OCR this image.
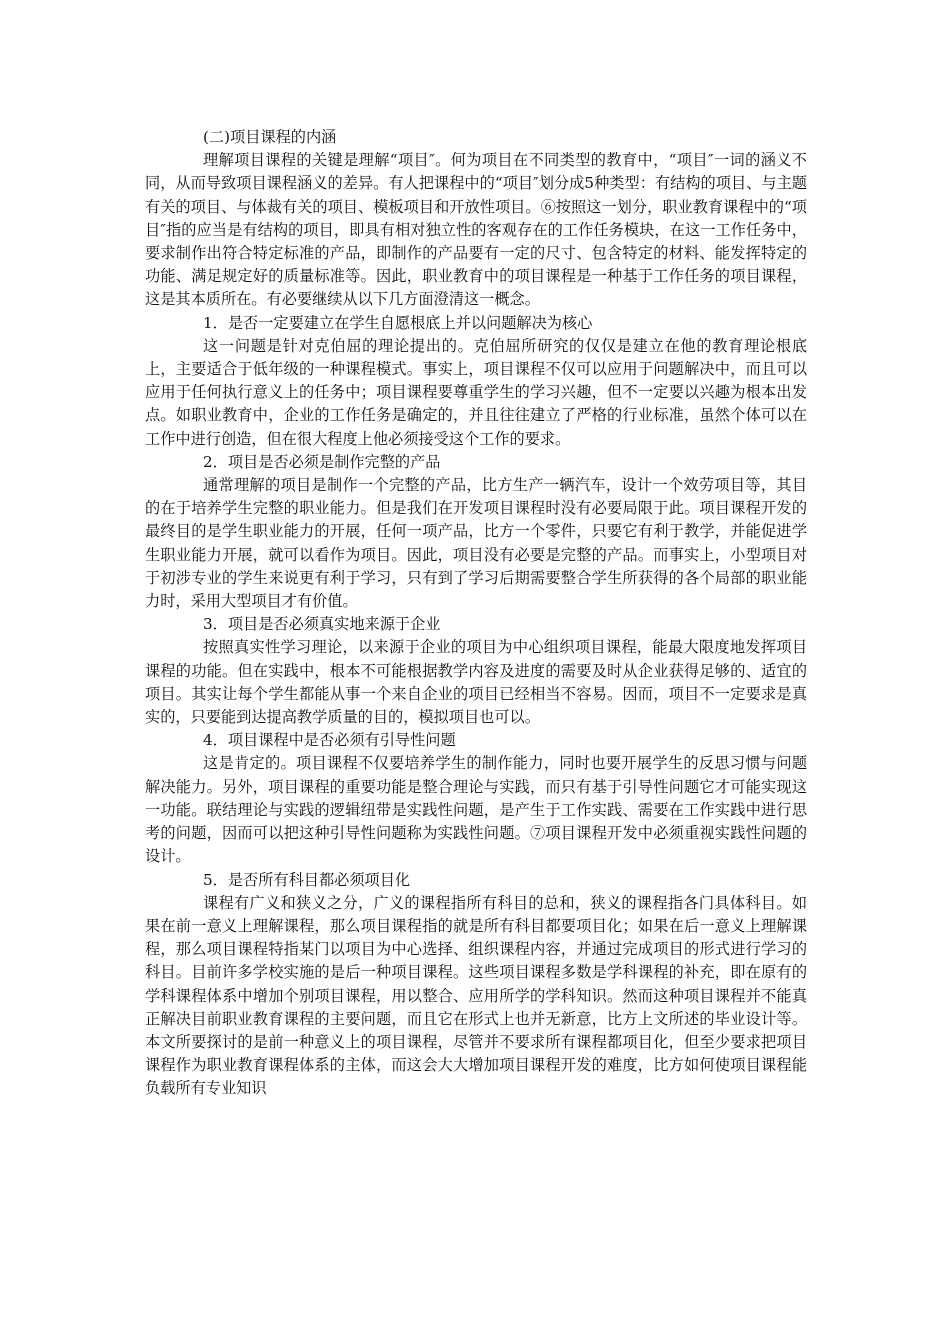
(二)项目课程的内涵

理解项目课程的关键是理解“项目″。何为项目在不同类型的教育中，“项目″一词的涵义不同，从而导致项目课程涵义的差异。有人把课程中的“项目″划分成5种类型：有结构的项目、与主题有关的项目、与体裁有关的项目、模板项目和开放性项目。⑥按照这一划分，职业教育课程中的“项目″指的应当是有结构的项目，即具有相对独立性的客观存在的工作任务模块，在这一工作任务中，要求制作出符合特定标准的产品，即制作的产品要有一定的尺寸、包含特定的材料、能发挥特定的功能、满足规定好的质量标准等。因此，职业教育中的项目课程是一种基于工作任务的项目课程，这是其本质所在。有必要继续从以下几方面澄清这一概念。

1．是否一定要建立在学生自愿根底上并以问题解决为核心

这一问题是针对克伯屈的理论提出的。克伯屈所研究的仅仅是建立在他的教育理论根底上，主要适合于低年级的一种课程模式。事实上，项目课程不仅可以应用于问题解决中，而且可以应用于任何执行意义上的任务中；项目课程要尊重学生的学习兴趣，但不一定要以兴趣为根本出发点。如职业教育中，企业的工作任务是确定的，并且往往建立了严格的行业标准，虽然个体可以在工作中进行创造，但在很大程度上他必须接受这个工作的要求。

2．项目是否必须是制作完整的产品

通常理解的项目是制作一个完整的产品，比方生产一辆汽车，设计一个效劳项目等，其目的在于培养学生完整的职业能力。但是我们在开发项目课程时没有必要局限于此。项目课程开发的最终目的是学生职业能力的开展，任何一项产品，比方一个零件，只要它有利于教学，并能促进学生职业能力开展，就可以看作为项目。因此，项目没有必要是完整的产品。而事实上，小型项目对于初涉专业的学生来说更有利于学习，只有到了学习后期需要整合学生所获得的各个局部的职业能力时，采用大型项目才有价值。

3．项目是否必须真实地来源于企业

按照真实性学习理论，以来源于企业的项目为中心组织项目课程，能最大限度地发挥项目课程的功能。但在实践中，根本不可能根据教学内容及进度的需要及时从企业获得足够的、适宜的项目。其实让每个学生都能从事一个来自企业的项目已经相当不容易。因而，项目不一定要求是真实的，只要能到达提高教学质量的目的，模拟项目也可以。

4．项目课程中是否必须有引导性问题

这是肯定的。项目课程不仅要培养学生的制作能力，同时也要开展学生的反思习惯与问题解决能力。另外，项目课程的重要功能是整合理论与实践，而只有基于引导性问题它才可能实现这一功能。联结理论与实践的逻辑纽带是实践性问题，是产生于工作实践、需要在工作实践中进行思考的问题，因而可以把这种引导性问题称为实践性问题。⑦项目课程开发中必须重视实践性问题的设计。

5．是否所有科目都必须项目化

课程有广义和狭义之分，广义的课程指所有科目的总和，狭义的课程指各门具体科目。如果在前一意义上理解课程，那么项目课程指的就是所有科目都要项目化；如果在后一意义上理解课程，那么项目课程特指某门以项目为中心选择、组织课程内容，并通过完成项目的形式进行学习的科目。目前许多学校实施的是后一种项目课程。这些项目课程多数是学科课程的补充，即在原有的学科课程体系中增加个别项目课程，用以整合、应用所学的学科知识。然而这种项目课程并不能真正解决目前职业教育课程的主要问题，而且它在形式上也并无新意，比方上文所述的毕业设计等。本文所要探讨的是前一种意义上的项目课程，尽管并不要求所有课程都项目化，但至少要求把项目课程作为职业教育课程体系的主体，而这会大大增加项目课程开发的难度，比方如何使项目课程能负载所有专业知识
